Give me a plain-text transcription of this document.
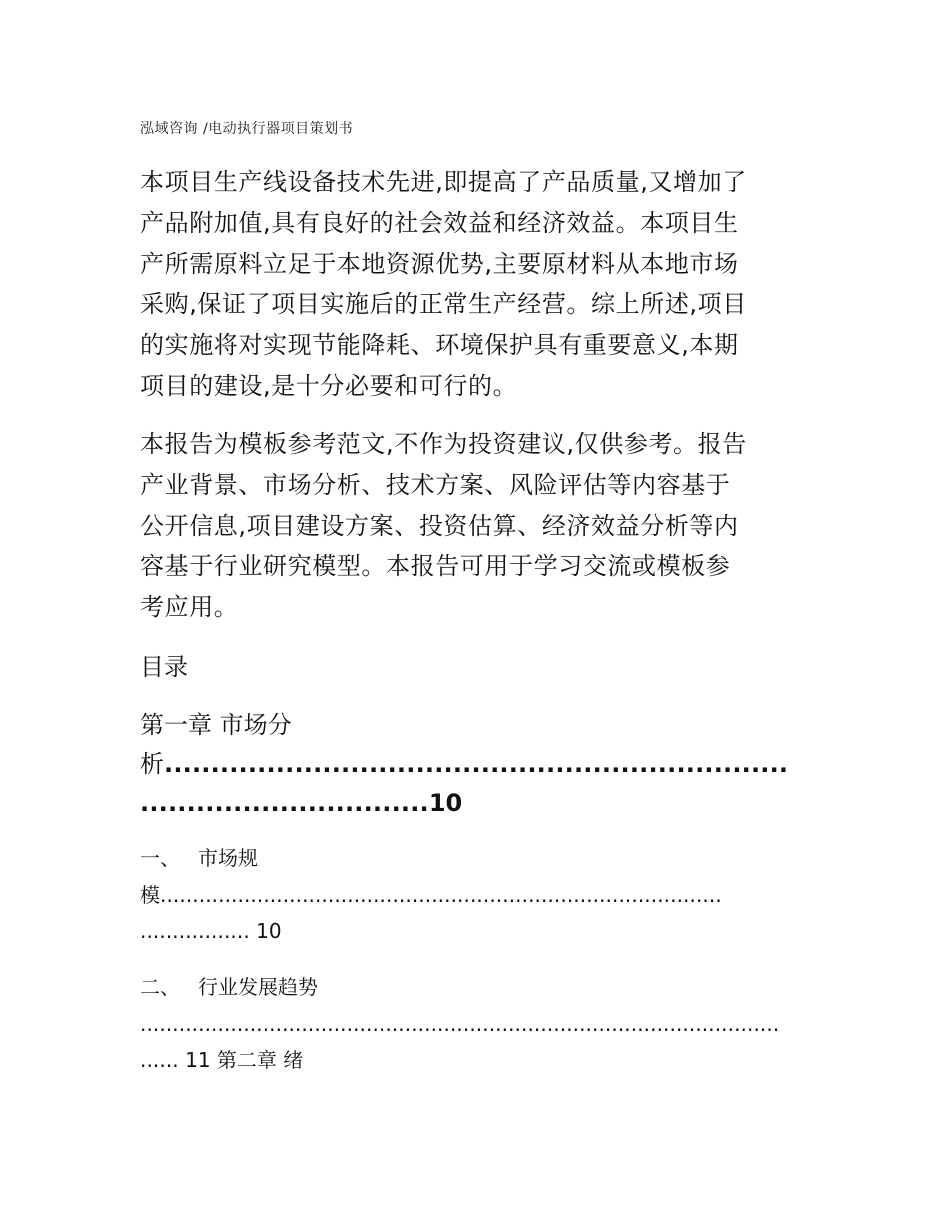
泓域咨询 /电动执行器项目策划书
本项目生产线设备技术先进,即提高了产品质量,又增加了
产品附加值,具有良好的社会效益和经济效益。本项目生
产所需原料立足于本地资源优势,主要原材料从本地市场
采购,保证了项目实施后的正常生产经营。综上所述,项目
的实施将对实现节能降耗、环境保护具有重要意义,本期
项目的建设,是十分必要和可行的。
本报告为模板参考范文,不作为投资建议,仅供参考。报告
产业背景、市场分析、技术方案、风险评估等内容基于
公开信息,项目建设方案、投资估算、经济效益分析等内
容基于行业研究模型。本报告可用于学习交流或模板参
考应用。
目录
第一章 市场分
析...................................................................
...............................10
一、 市场规
模.......................................................................................
................. 10
二、 行业发展趋势
...................................................................................................
...... 11 第二章 绪
